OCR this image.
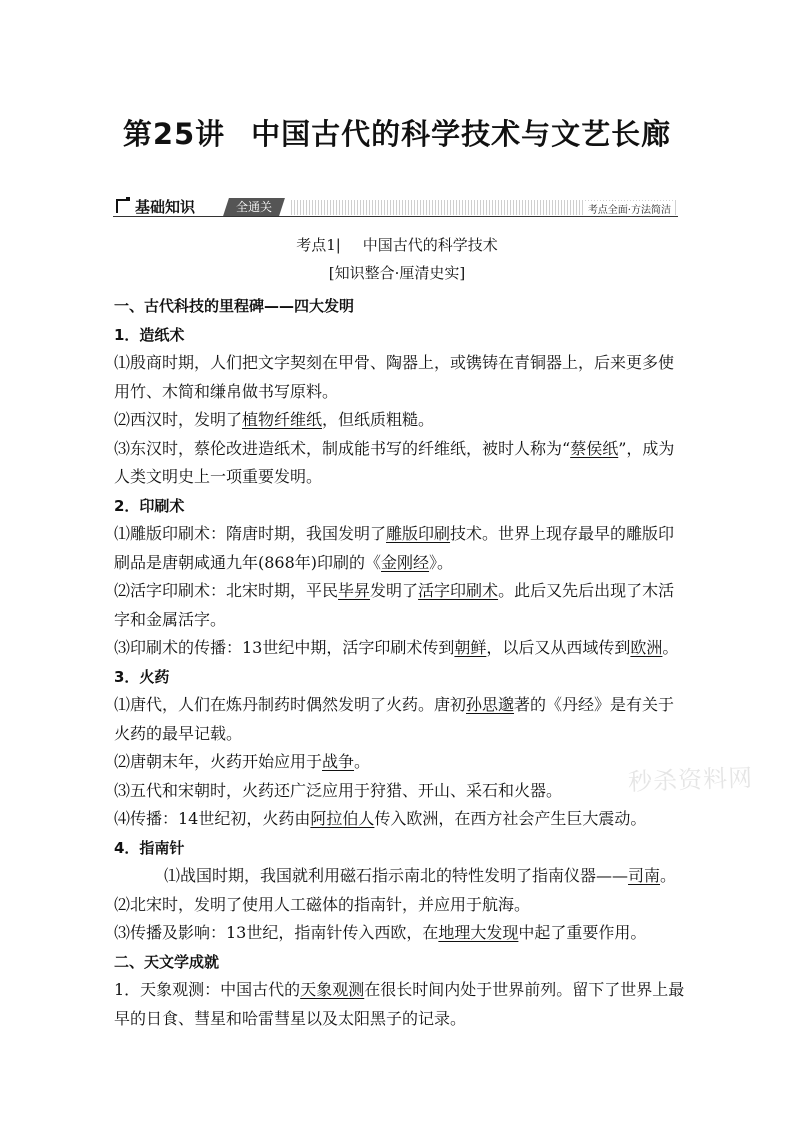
第25讲 中国古代的科学技术与文艺长廊
基础知识	全通关	考点全面·方法简洁
考点1| 中国古代的科学技术
[知识整合·厘清史实]

一、古代科技的里程碑——四大发明

1．造纸术

⑴殷商时期，人们把文字契刻在甲骨、陶器上，或镌铸在青铜器上，后来更多使用竹、木简和缣帛做书写原料。

⑵西汉时，发明了植物纤维纸，但纸质粗糙。

⑶东汉时，蔡伦改进造纸术，制成能书写的纤维纸，被时人称为“蔡侯纸”，成为人类文明史上一项重要发明。

2．印刷术

⑴雕版印刷术：隋唐时期，我国发明了雕版印刷技术。世界上现存最早的雕版印刷品是唐朝咸通九年(868年)印刷的《金刚经》。

⑵活字印刷术：北宋时期，平民毕昇发明了活字印刷术。此后又先后出现了木活字和金属活字。

⑶印刷术的传播：13世纪中期，活字印刷术传到朝鲜，以后又从西域传到欧洲。

3．火药

⑴唐代，人们在炼丹制药时偶然发明了火药。唐初孙思邈著的《丹经》是有关于火药的最早记载。

⑵唐朝末年，火药开始应用于战争。

⑶五代和宋朝时，火药还广泛应用于狩猎、开山、采石和火器。

⑷传播：14世纪初，火药由阿拉伯人传入欧洲，在西方社会产生巨大震动。

4．指南针

⑴战国时期，我国就利用磁石指示南北的特性发明了指南仪器——司南。

⑵北宋时，发明了使用人工磁体的指南针，并应用于航海。

⑶传播及影响：13世纪，指南针传入西欧，在地理大发现中起了重要作用。

二、天文学成就

1．天象观测：中国古代的天象观测在很长时间内处于世界前列。留下了世界上最早的日食、彗星和哈雷彗星以及太阳黑子的记录。

秒杀资料网
